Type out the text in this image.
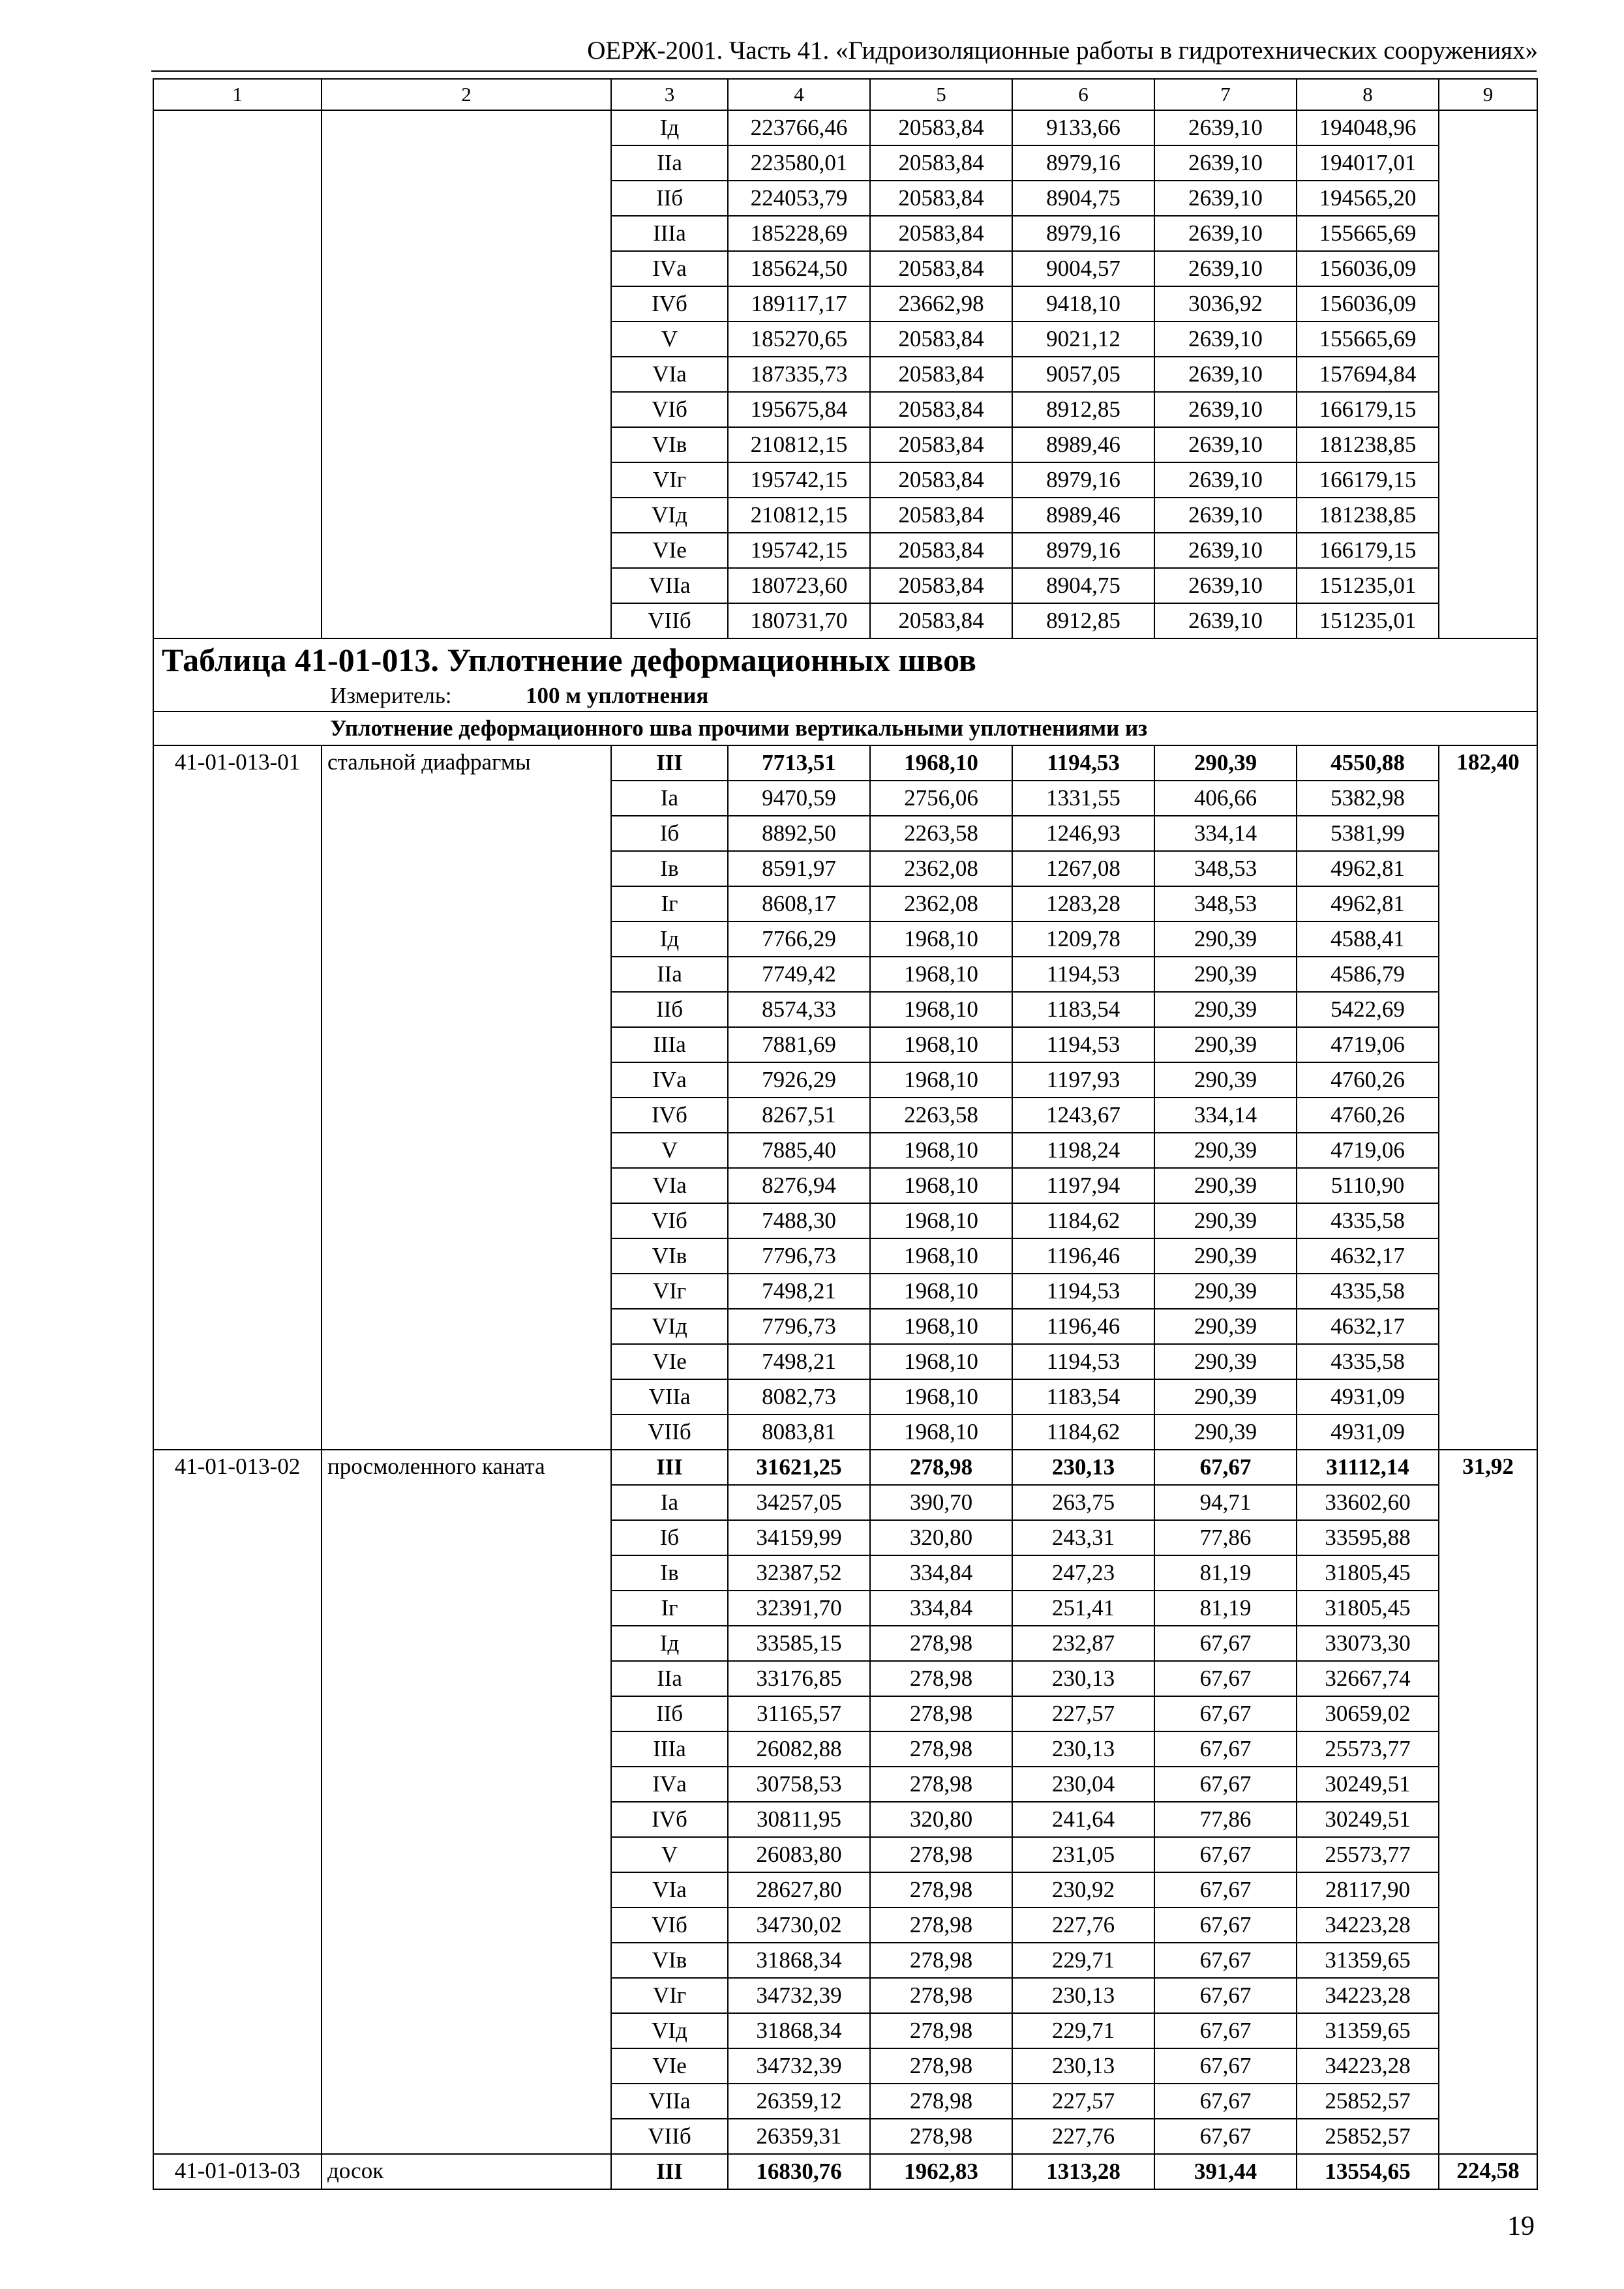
ОЕРЖ-2001. Часть 41. «Гидроизоляционные работы в гидротехнических сооружениях»
1	2	3	4	5	6	7	8	9
		Iд	223766,46	20583,84	9133,66	2639,10	194048,96	
		IIа	223580,01	20583,84	8979,16	2639,10	194017,01	
		IIб	224053,79	20583,84	8904,75	2639,10	194565,20	
		IIIа	185228,69	20583,84	8979,16	2639,10	155665,69	
		IVа	185624,50	20583,84	9004,57	2639,10	156036,09	
		IVб	189117,17	23662,98	9418,10	3036,92	156036,09	
		V	185270,65	20583,84	9021,12	2639,10	155665,69	
		VIа	187335,73	20583,84	9057,05	2639,10	157694,84	
		VIб	195675,84	20583,84	8912,85	2639,10	166179,15	
		VIв	210812,15	20583,84	8989,46	2639,10	181238,85	
		VIг	195742,15	20583,84	8979,16	2639,10	166179,15	
		VIд	210812,15	20583,84	8989,46	2639,10	181238,85	
		VIе	195742,15	20583,84	8979,16	2639,10	166179,15	
		VIIа	180723,60	20583,84	8904,75	2639,10	151235,01	
		VIIб	180731,70	20583,84	8912,85	2639,10	151235,01	
Таблица 41-01-013. Уплотнение деформационных швов								
Измеритель: 100 м уплотнения								
Уплотнение деформационного шва прочими вертикальными уплотнениями из								
41-01-013-01	стальной диафрагмы	III	7713,51	1968,10	1194,53	290,39	4550,88	182,40
		Iа	9470,59	2756,06	1331,55	406,66	5382,98	
		Iб	8892,50	2263,58	1246,93	334,14	5381,99	
		Iв	8591,97	2362,08	1267,08	348,53	4962,81	
		Iг	8608,17	2362,08	1283,28	348,53	4962,81	
		Iд	7766,29	1968,10	1209,78	290,39	4588,41	
		IIа	7749,42	1968,10	1194,53	290,39	4586,79	
		IIб	8574,33	1968,10	1183,54	290,39	5422,69	
		IIIа	7881,69	1968,10	1194,53	290,39	4719,06	
		IVа	7926,29	1968,10	1197,93	290,39	4760,26	
		IVб	8267,51	2263,58	1243,67	334,14	4760,26	
		V	7885,40	1968,10	1198,24	290,39	4719,06	
		VIа	8276,94	1968,10	1197,94	290,39	5110,90	
		VIб	7488,30	1968,10	1184,62	290,39	4335,58	
		VIв	7796,73	1968,10	1196,46	290,39	4632,17	
		VIг	7498,21	1968,10	1194,53	290,39	4335,58	
		VIд	7796,73	1968,10	1196,46	290,39	4632,17	
		VIе	7498,21	1968,10	1194,53	290,39	4335,58	
		VIIа	8082,73	1968,10	1183,54	290,39	4931,09	
		VIIб	8083,81	1968,10	1184,62	290,39	4931,09	
41-01-013-02	просмоленного каната	III	31621,25	278,98	230,13	67,67	31112,14	31,92
		Iа	34257,05	390,70	263,75	94,71	33602,60	
		Iб	34159,99	320,80	243,31	77,86	33595,88	
		Iв	32387,52	334,84	247,23	81,19	31805,45	
		Iг	32391,70	334,84	251,41	81,19	31805,45	
		Iд	33585,15	278,98	232,87	67,67	33073,30	
		IIа	33176,85	278,98	230,13	67,67	32667,74	
		IIб	31165,57	278,98	227,57	67,67	30659,02	
		IIIа	26082,88	278,98	230,13	67,67	25573,77	
		IVа	30758,53	278,98	230,04	67,67	30249,51	
		IVб	30811,95	320,80	241,64	77,86	30249,51	
		V	26083,80	278,98	231,05	67,67	25573,77	
		VIа	28627,80	278,98	230,92	67,67	28117,90	
		VIб	34730,02	278,98	227,76	67,67	34223,28	
		VIв	31868,34	278,98	229,71	67,67	31359,65	
		VIг	34732,39	278,98	230,13	67,67	34223,28	
		VIд	31868,34	278,98	229,71	67,67	31359,65	
		VIе	34732,39	278,98	230,13	67,67	34223,28	
		VIIа	26359,12	278,98	227,57	67,67	25852,57	
		VIIб	26359,31	278,98	227,76	67,67	25852,57	
41-01-013-03	досок	III	16830,76	1962,83	1313,28	391,44	13554,65	224,58
19
